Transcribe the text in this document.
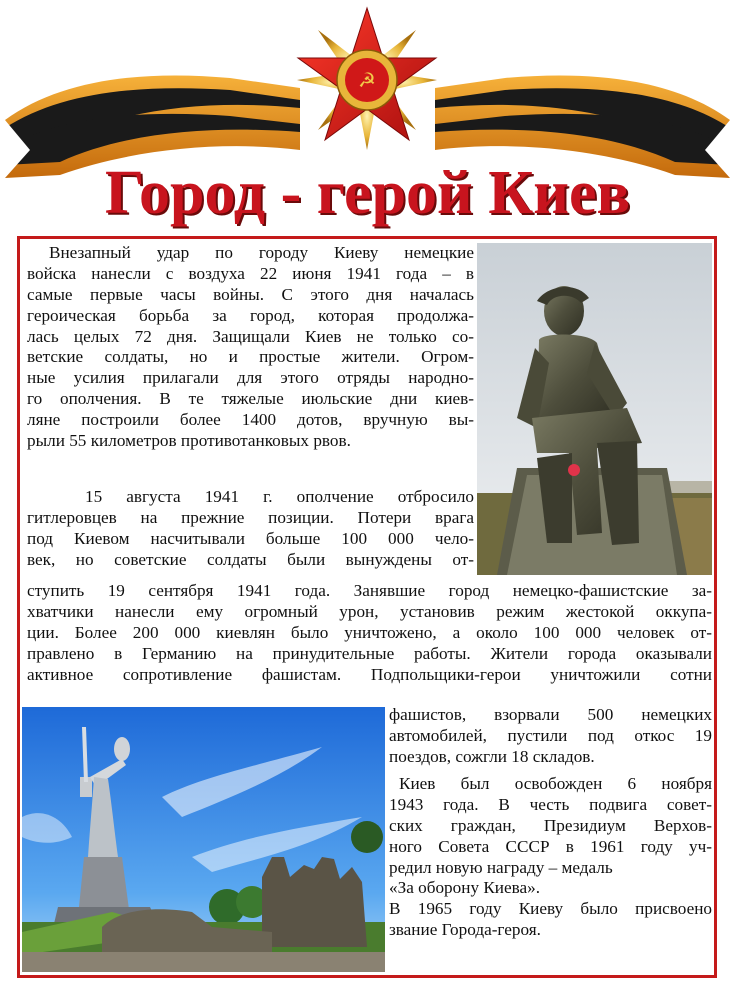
☭
Город - герой Киев
Внезапный удар по городу Киеву немецкие
войска нанесли с воздуха 22 июня 1941 года – в
самые первые часы войны. С этого дня началась
героическая борьба за город, которая продолжа-
лась целых 72 дня. Защищали Киев не только со-
ветские солдаты, но и простые жители. Огром-
ные усилия прилагали для этого отряды народно-
го ополчения. В те тяжелые июльские дни киев-
ляне построили более 1400 дотов, вручную вы-
рыли 55 километров противотанковых рвов.
15 августа 1941 г. ополчение отбросило
гитлеровцев на прежние позиции. Потери врага
под Киевом насчитывали больше 100 000 чело-
век, но советские солдаты были вынуждены от-
ступить 19 сентября 1941 года. Занявшие город немецко-фашистские за-
хватчики нанесли ему огромный урон, установив режим жестокой оккупа-
ции. Более 200 000 киевлян было уничтожено, а около 100 000 человек от-
правлено в Германию на принудительные работы. Жители города оказывали
активное сопротивление фашистам. Подпольщики-герои уничтожили сотни
фашистов, взорвали 500 немецких
автомобилей, пустили под откос 19
поездов, сожгли 18 складов.
Киев был освобожден 6 ноября
1943 года. В честь подвига совет-
ских граждан, Президиум Верхов-
ного Совета СССР в 1961 году уч-
редил новую награду – медаль
«За оборону Киева».
В 1965 году Киеву было присвоено
звание Города-героя.
